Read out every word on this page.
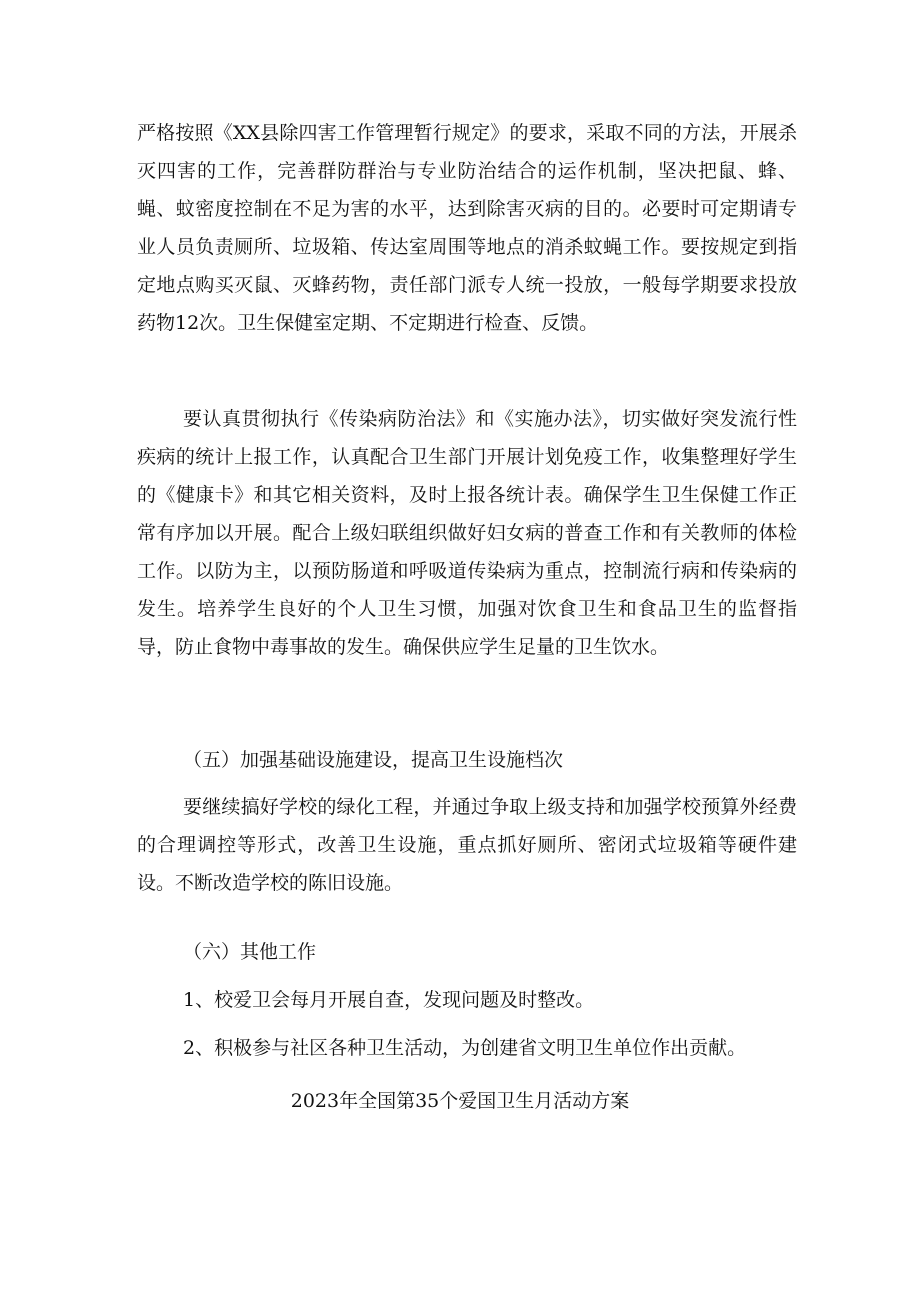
严格按照《XX县除四害工作管理暂行规定》的要求，采取不同的方法，开展杀灭四害的工作，完善群防群治与专业防治结合的运作机制，坚决把鼠、蜂、蝇、蚊密度控制在不足为害的水平，达到除害灭病的目的。必要时可定期请专业人员负责厕所、垃圾箱、传达室周围等地点的消杀蚊蝇工作。要按规定到指定地点购买灭鼠、灭蜂药物，责任部门派专人统一投放，一般每学期要求投放药物12次。卫生保健室定期、不定期进行检查、反馈。

要认真贯彻执行《传染病防治法》和《实施办法》，切实做好突发流行性疾病的统计上报工作，认真配合卫生部门开展计划免疫工作，收集整理好学生的《健康卡》和其它相关资料，及时上报各统计表。确保学生卫生保健工作正常有序加以开展。配合上级妇联组织做好妇女病的普查工作和有关教师的体检工作。以防为主，以预防肠道和呼吸道传染病为重点，控制流行病和传染病的发生。培养学生良好的个人卫生习惯，加强对饮食卫生和食品卫生的监督指导，防止食物中毒事故的发生。确保供应学生足量的卫生饮水。

（五）加强基础设施建设，提高卫生设施档次

要继续搞好学校的绿化工程，并通过争取上级支持和加强学校预算外经费的合理调控等形式，改善卫生设施，重点抓好厕所、密闭式垃圾箱等硬件建设。不断改造学校的陈旧设施。

（六）其他工作

1、校爱卫会每月开展自查，发现问题及时整改。

2、积极参与社区各种卫生活动，为创建省文明卫生单位作出贡献。

2023年全国第35个爱国卫生月活动方案
